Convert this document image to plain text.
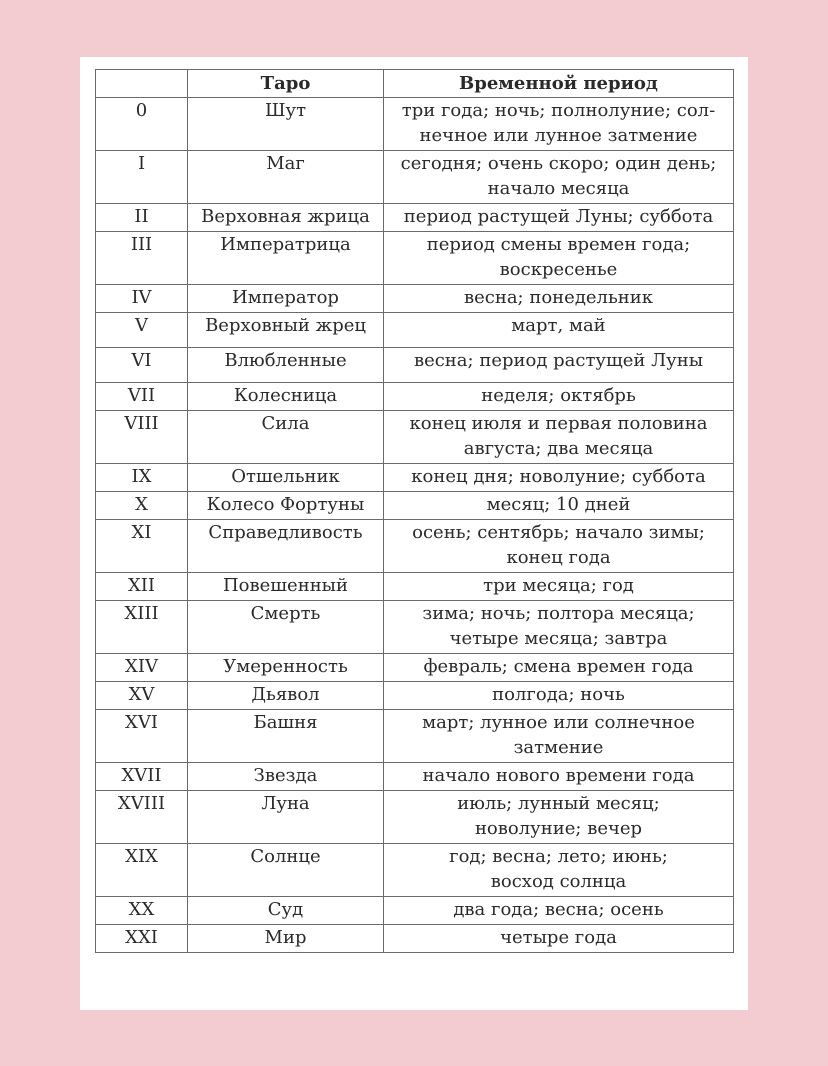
	Таро	Временной период
0	Шут	три года; ночь; полнолуние; сол-
нечное или лунное затмение

I	Маг	сегодня; очень скоро; один день;
начало месяца

II	Верховная жрица	период растущей Луны; суббота

III	Императрица	период смены времен года;
воскресенье

IV	Император	весна; понедельник

V	Верховный жрец	март, май

VI	Влюбленные	весна; период растущей Луны

VII	Колесница	неделя; октябрь

VIII	Сила	конец июля и первая половина
августа; два месяца

IX	Отшельник	конец дня; новолуние; суббота

X	Колесо Фортуны	месяц; 10 дней

XI	Справедливость	осень; сентябрь; начало зимы;
конец года

XII	Повешенный	три месяца; год

XIII	Смерть	зима; ночь; полтора месяца;
четыре месяца; завтра

XIV	Умеренность	февраль; смена времен года

XV	Дьявол	полгода; ночь

XVI	Башня	март; лунное или солнечное
затмение

XVII	Звезда	начало нового времени года

XVIII	Луна	июль; лунный месяц;
новолуние; вечер

XIX	Солнце	год; весна; лето; июнь;
восход солнца

XX	Суд	два года; весна; осень

XXI	Мир	четыре года
